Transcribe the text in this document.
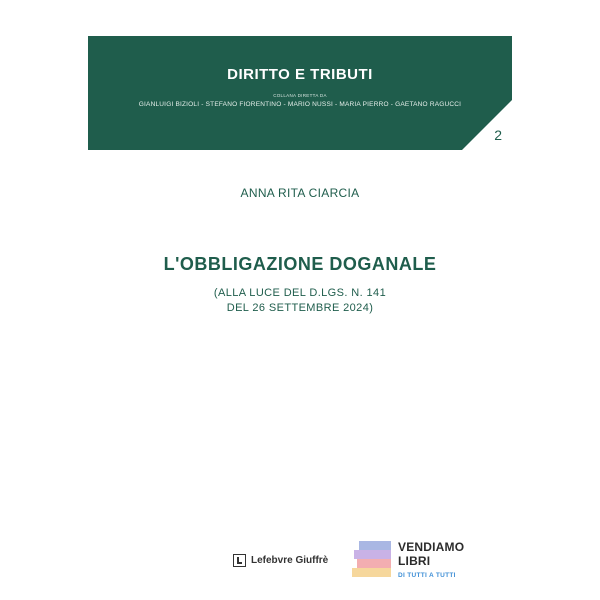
DIRITTO E TRIBUTI
COLLANA DIRETTA DA
GIANLUIGI BIZIOLI - STEFANO FIORENTINO - MARIO NUSSI - MARIA PIERRO - GAETANO RAGUCCI
2
ANNA RITA CIARCIA
L'OBBLIGAZIONE DOGANALE
(ALLA LUCE DEL D.LGS. N. 141
DEL 26 SETTEMBRE 2024)
Lefebvre Giuffrè
VENDIAMO
LIBRI
DI TUTTI A TUTTI
